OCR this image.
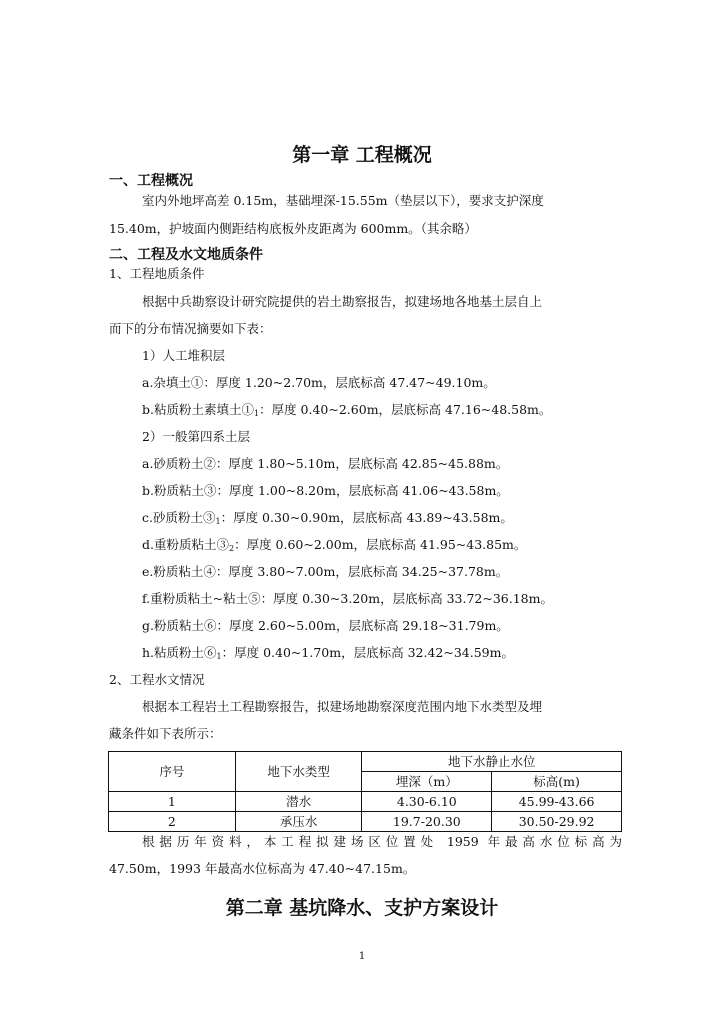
第一章 工程概况
一、工程概况
室内外地坪高差 0.15m，基础埋深-15.55m（垫层以下），要求支护深度
15.40m，护坡面内侧距结构底板外皮距离为 600mm。（其余略）
二、工程及水文地质条件
1、工程地质条件
根据中兵勘察设计研究院提供的岩土勘察报告，拟建场地各地基土层自上
而下的分布情况摘要如下表：
1）人工堆积层
a.杂填土①：厚度 1.20~2.70m，层底标高 47.47~49.10m。
b.粘质粉土素填土$①_1$：厚度 0.40~2.60m，层底标高 47.16~48.58m。
2）一般第四系土层
a.砂质粉土②：厚度 1.80~5.10m，层底标高 42.85~45.88m。
b.粉质粘土③：厚度 1.00~8.20m，层底标高 41.06~43.58m。
c.砂质粉土$③_1$：厚度 0.30~0.90m，层底标高 43.89~43.58m。
d.重粉质粘土$③_2$：厚度 0.60~2.00m，层底标高 41.95~43.85m。
e.粉质粘土④：厚度 3.80~7.00m，层底标高 34.25~37.78m。
f.重粉质粘土~粘土⑤：厚度 0.30~3.20m，层底标高 33.72~36.18m。
g.粉质粘土⑥：厚度 2.60~5.00m，层底标高 29.18~31.79m。
h.粘质粉土$⑥_1$：厚度 0.40~1.70m，层底标高 32.42~34.59m。
2、工程水文情况
根据本工程岩土工程勘察报告，拟建场地勘察深度范围内地下水类型及埋
藏条件如下表所示：
序号	地下水类型	地下水静止水位	
		埋深（m）	标高(m)
1	潜水	4.30-6.10	45.99-43.66
2	承压水	19.7-20.30	30.50-29.92
根据历年资料，本工程拟建场区位置处 1959 年最高水位标高为
47.50m，1993 年最高水位标高为 47.40~47.15m。
第二章 基坑降水、支护方案设计
1
